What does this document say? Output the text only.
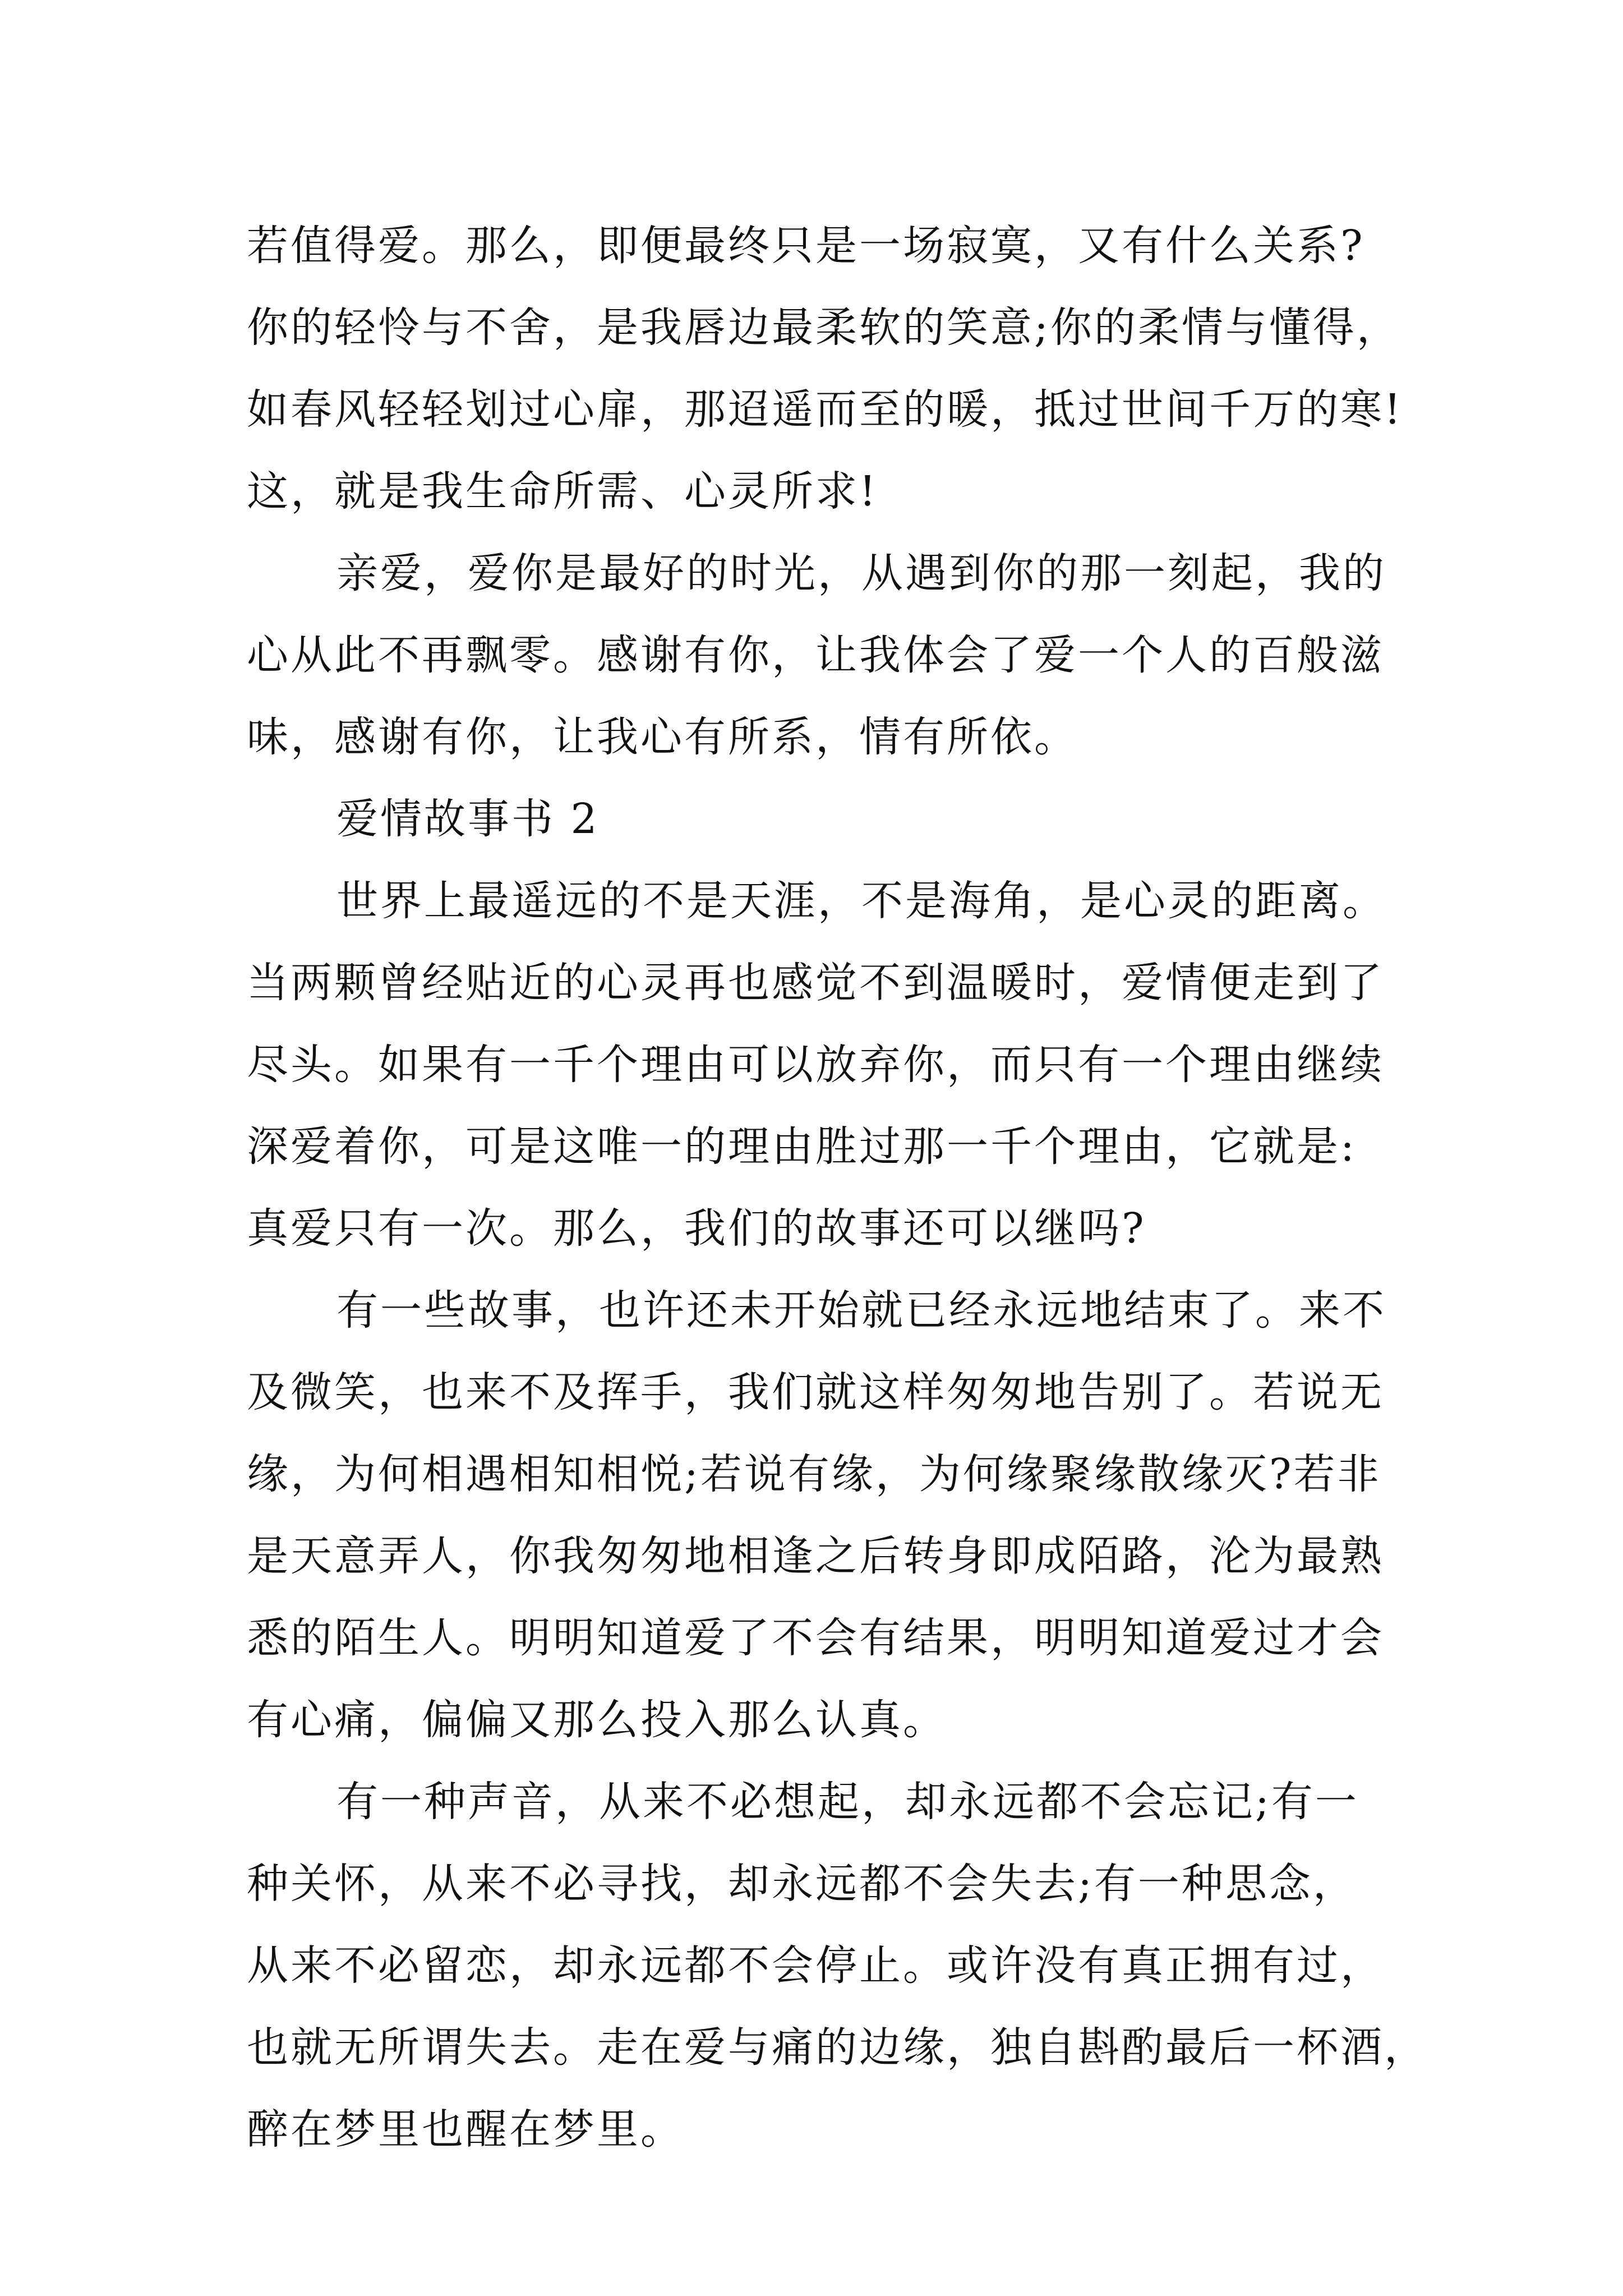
若值得爱。那么，即便最终只是一场寂寞，又有什么关系?
你的轻怜与不舍，是我唇边最柔软的笑意;你的柔情与懂得，
如春风轻轻划过心扉，那迢遥而至的暖，抵过世间千万的寒!
这，就是我生命所需、心灵所求!
亲爱，爱你是最好的时光，从遇到你的那一刻起，我的
心从此不再飘零。感谢有你，让我体会了爱一个人的百般滋
味，感谢有你，让我心有所系，情有所依。
爱情故事书 2
世界上最遥远的不是天涯，不是海角，是心灵的距离。
当两颗曾经贴近的心灵再也感觉不到温暖时，爱情便走到了
尽头。如果有一千个理由可以放弃你，而只有一个理由继续
深爱着你，可是这唯一的理由胜过那一千个理由，它就是:
真爱只有一次。那么，我们的故事还可以继吗?
有一些故事，也许还未开始就已经永远地结束了。来不
及微笑，也来不及挥手，我们就这样匆匆地告别了。若说无
缘，为何相遇相知相悦;若说有缘，为何缘聚缘散缘灭?若非
是天意弄人，你我匆匆地相逢之后转身即成陌路，沦为最熟
悉的陌生人。明明知道爱了不会有结果，明明知道爱过才会
有心痛，偏偏又那么投入那么认真。
有一种声音，从来不必想起，却永远都不会忘记;有一
种关怀，从来不必寻找，却永远都不会失去;有一种思念，
从来不必留恋，却永远都不会停止。或许没有真正拥有过，
也就无所谓失去。走在爱与痛的边缘，独自斟酌最后一杯酒，
醉在梦里也醒在梦里。
